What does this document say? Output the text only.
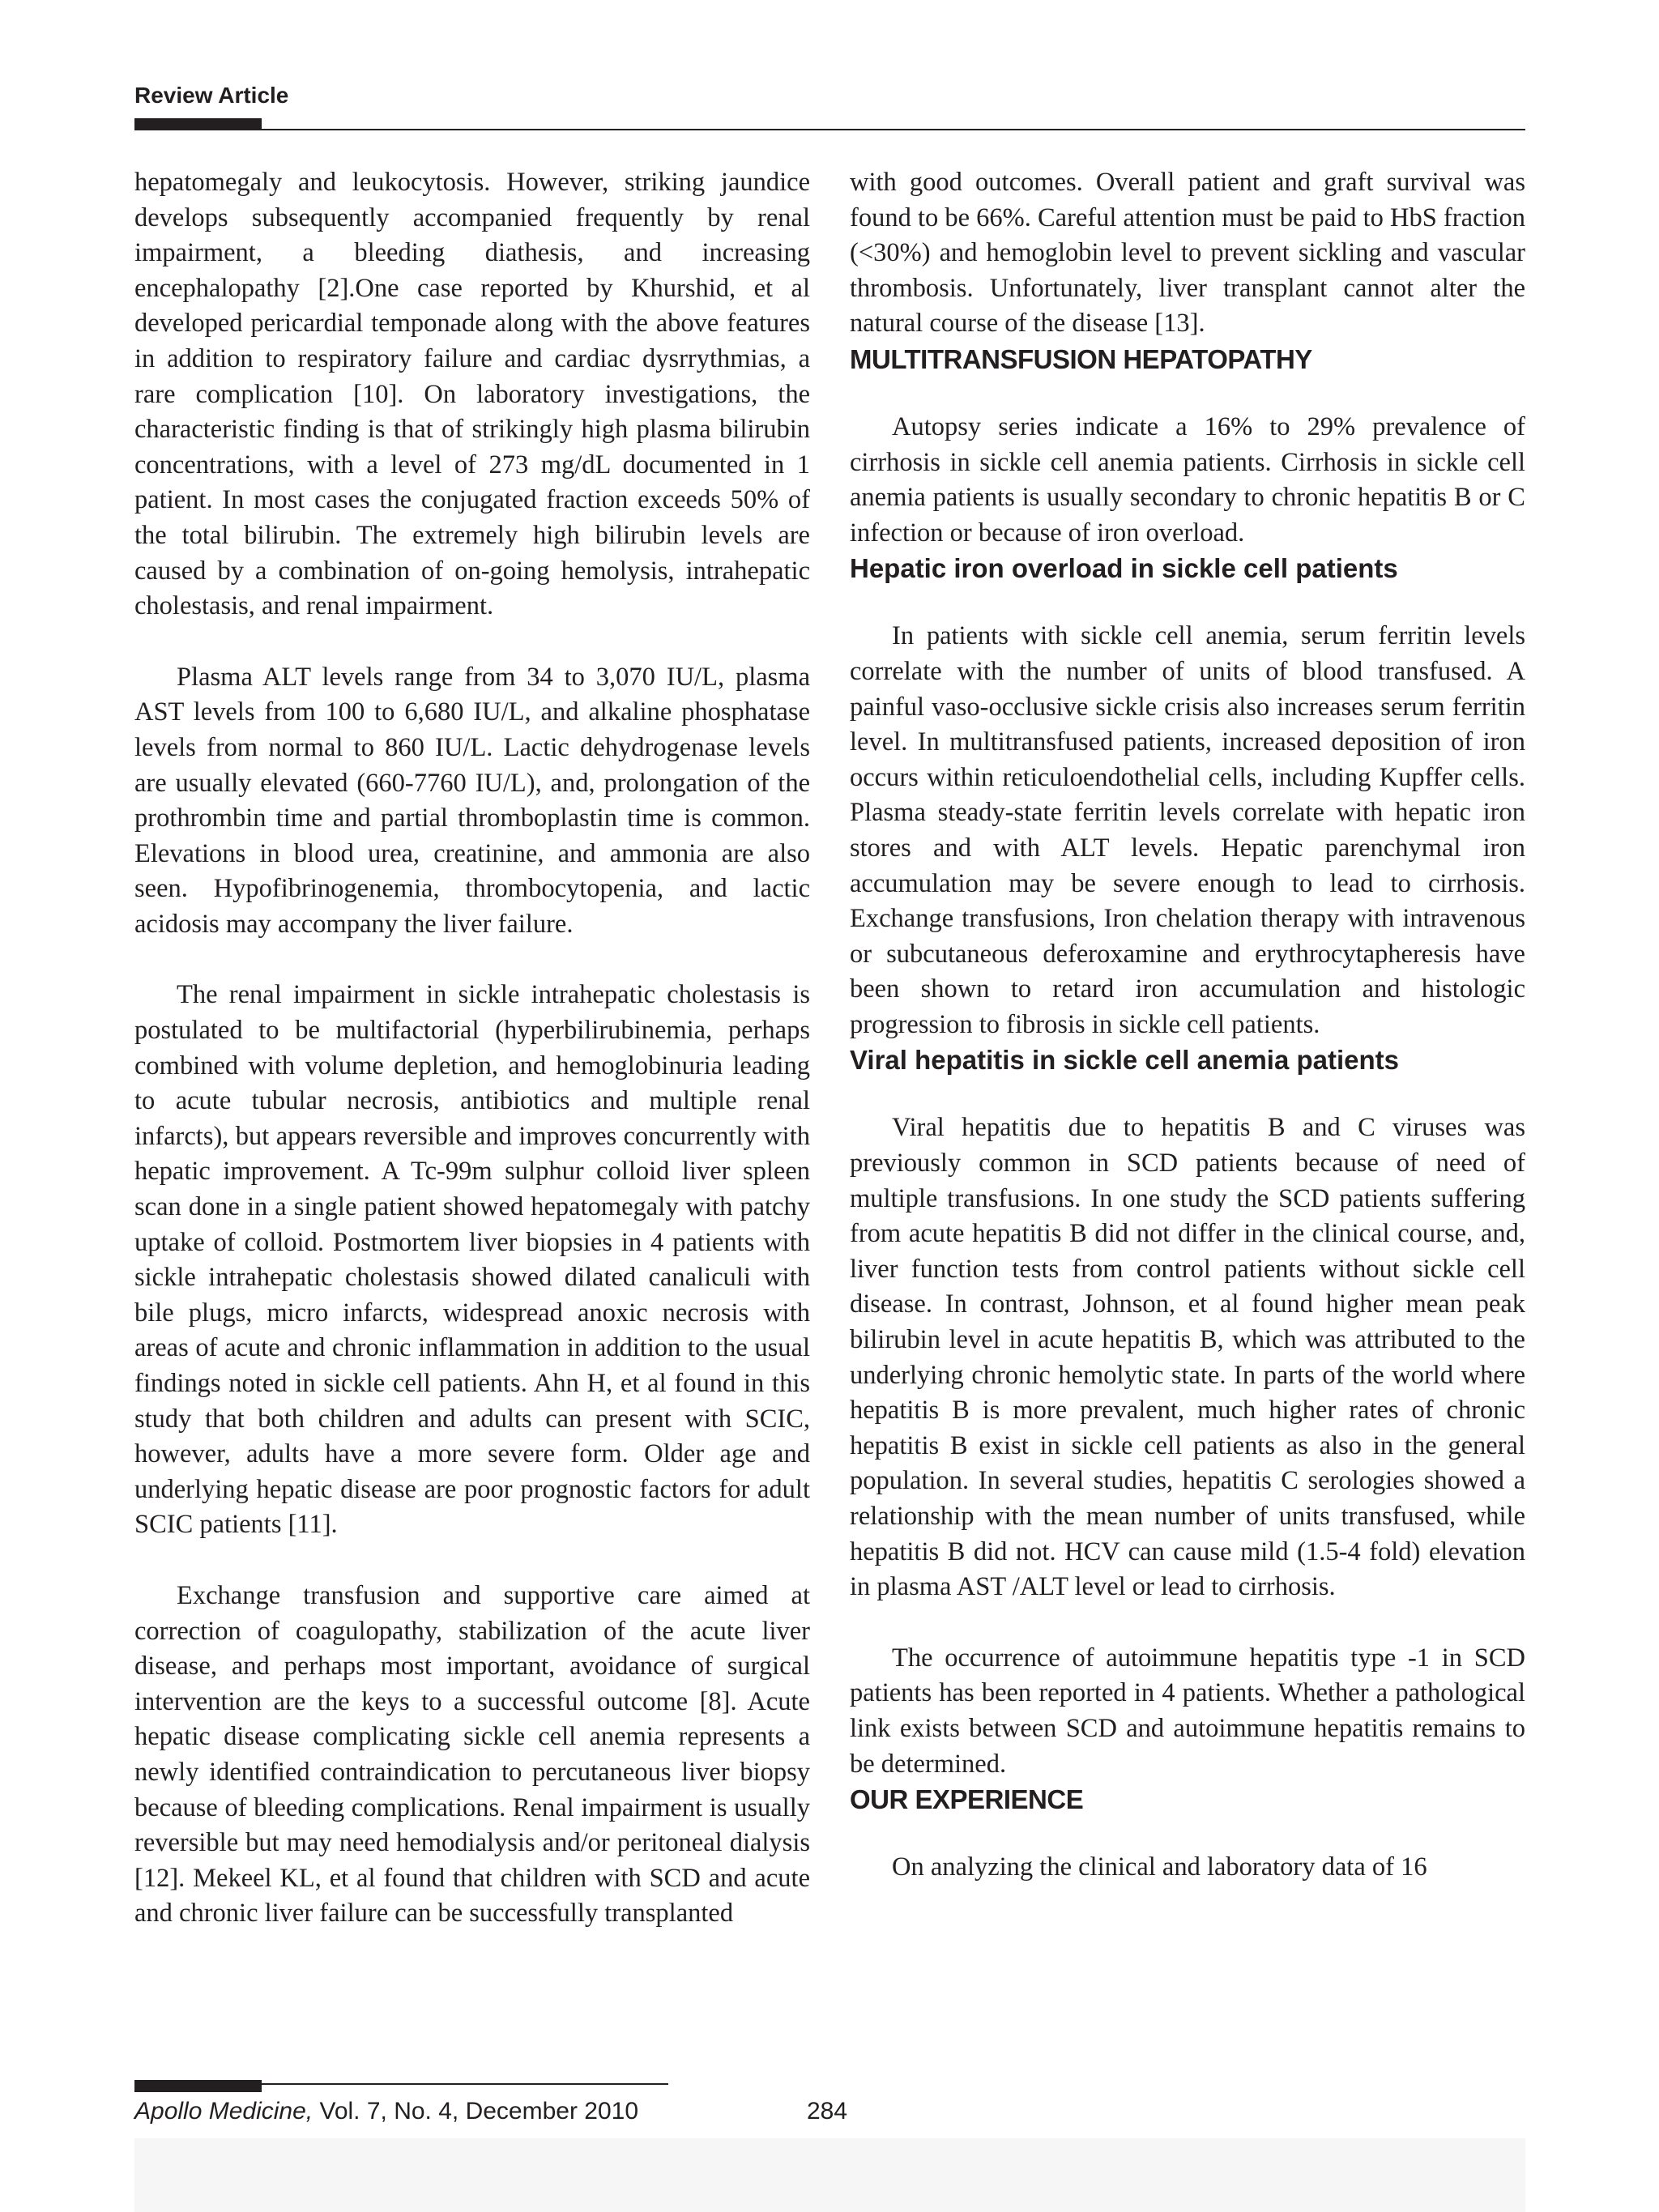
Review Article

hepatomegaly and leukocytosis. However, striking jaundice develops subsequently accompanied frequently by renal impairment, a bleeding diathesis, and increasing encephalopathy [2].One case reported by Khurshid, et al developed pericardial temponade along with the above features in addition to respiratory failure and cardiac dysrrythmias, a rare complication [10]. On laboratory investigations, the characteristic finding is that of strikingly high plasma bilirubin concentrations, with a level of 273 mg/dL documented in 1 patient. In most cases the conjugated fraction exceeds 50% of the total bilirubin. The extremely high bilirubin levels are caused by a combination of on-going hemolysis, intrahepatic cholestasis, and renal impairment.

Plasma ALT levels range from 34 to 3,070 IU/L, plasma AST levels from 100 to 6,680 IU/L, and alkaline phosphatase levels from normal to 860 IU/L. Lactic dehydrogenase levels are usually elevated (660-7760 IU/L), and, prolongation of the prothrombin time and partial thromboplastin time is common. Elevations in blood urea, creatinine, and ammonia are also seen. Hypofibrinogenemia, thrombocytopenia, and lactic acidosis may accompany the liver failure.

The renal impairment in sickle intrahepatic cholestasis is postulated to be multifactorial (hyperbilirubinemia, perhaps combined with volume depletion, and hemoglobinuria leading to acute tubular necrosis, antibiotics and multiple renal infarcts), but appears reversible and improves concurrently with hepatic improvement. A Tc-99m sulphur colloid liver spleen scan done in a single patient showed hepatomegaly with patchy uptake of colloid. Postmortem liver biopsies in 4 patients with sickle intrahepatic cholestasis showed dilated canaliculi with bile plugs, micro infarcts, widespread anoxic necrosis with areas of acute and chronic inflammation in addition to the usual findings noted in sickle cell patients. Ahn H, et al found in this study that both children and adults can present with SCIC, however, adults have a more severe form. Older age and underlying hepatic disease are poor prognostic factors for adult SCIC patients [11].

Exchange transfusion and supportive care aimed at correction of coagulopathy, stabilization of the acute liver disease, and perhaps most important, avoidance of surgical intervention are the keys to a successful outcome [8]. Acute hepatic disease complicating sickle cell anemia represents a newly identified contraindication to percutaneous liver biopsy because of bleeding complications. Renal impairment is usually reversible but may need hemodialysis and/or peritoneal dialysis [12]. Mekeel KL, et al found that children with SCD and acute and chronic liver failure can be successfully transplanted

with good outcomes. Overall patient and graft survival was found to be 66%. Careful attention must be paid to HbS fraction (<30%) and hemoglobin level to prevent sickling and vascular thrombosis. Unfortunately, liver transplant cannot alter the natural course of the disease [13].

MULTITRANSFUSION HEPATOPATHY

Autopsy series indicate a 16% to 29% prevalence of cirrhosis in sickle cell anemia patients. Cirrhosis in sickle cell anemia patients is usually secondary to chronic hepatitis B or C infection or because of iron overload.

Hepatic iron overload in sickle cell patients

In patients with sickle cell anemia, serum ferritin levels correlate with the number of units of blood transfused. A painful vaso-occlusive sickle crisis also increases serum ferritin level. In multitransfused patients, increased deposition of iron occurs within reticuloendothelial cells, including Kupffer cells. Plasma steady-state ferritin levels correlate with hepatic iron stores and with ALT levels. Hepatic parenchymal iron accumulation may be severe enough to lead to cirrhosis. Exchange transfusions, Iron chelation therapy with intravenous or subcutaneous deferoxamine and erythrocytapheresis have been shown to retard iron accumulation and histologic progression to fibrosis in sickle cell patients.

Viral hepatitis in sickle cell anemia patients

Viral hepatitis due to hepatitis B and C viruses was previously common in SCD patients because of need of multiple transfusions. In one study the SCD patients suffering from acute hepatitis B did not differ in the clinical course, and, liver function tests from control patients without sickle cell disease. In contrast, Johnson, et al found higher mean peak bilirubin level in acute hepatitis B, which was attributed to the underlying chronic hemolytic state. In parts of the world where hepatitis B is more prevalent, much higher rates of chronic hepatitis B exist in sickle cell patients as also in the general population. In several studies, hepatitis C serologies showed a relationship with the mean number of units transfused, while hepatitis B did not. HCV can cause mild (1.5-4 fold) elevation in plasma AST /ALT level or lead to cirrhosis.

The occurrence of autoimmune hepatitis type -1 in SCD patients has been reported in 4 patients. Whether a pathological link exists between SCD and autoimmune hepatitis remains to be determined.

OUR EXPERIENCE

On analyzing the clinical and laboratory data of 16

Apollo Medicine, Vol. 7, No. 4, December 2010	284
